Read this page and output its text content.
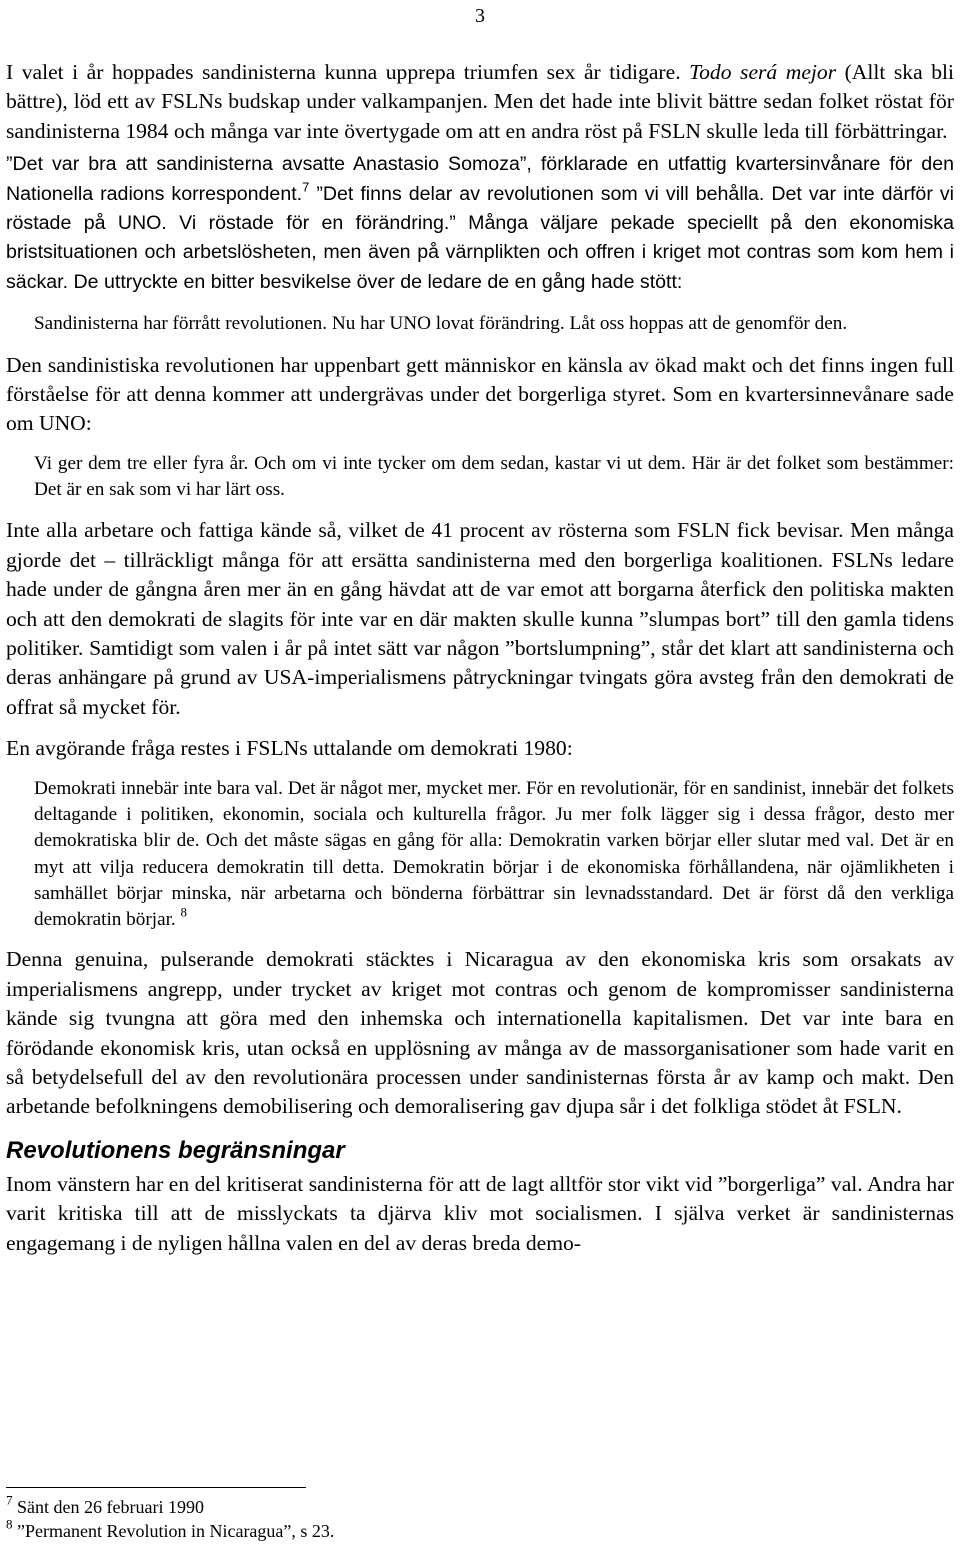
3

I valet i år hoppades sandinisterna kunna upprepa triumfen sex år tidigare. Todo será mejor (Allt ska bli bättre), löd ett av FSLNs budskap under valkampanjen. Men det hade inte blivit bättre sedan folket röstat för sandinisterna 1984 och många var inte övertygade om att en andra röst på FSLN skulle leda till förbättringar.

”Det var bra att sandinisterna avsatte Anastasio Somoza”, förklarade en utfattig kvartersinvånare för den Nationella radions korrespondent.$^7$ ”Det finns delar av revolutionen som vi vill behålla. Det var inte därför vi röstade på UNO. Vi röstade för en förändring.” Många väljare pekade speciellt på den ekonomiska bristsituationen och arbetslösheten, men även på värnplikten och offren i kriget mot contras som kom hem i säckar. De uttryckte en bitter besvikelse över de ledare de en gång hade stött:

Sandinisterna har förrått revolutionen. Nu har UNO lovat förändring. Låt oss hoppas att de genomför den.

Den sandinistiska revolutionen har uppenbart gett människor en känsla av ökad makt och det finns ingen full förståelse för att denna kommer att undergrävas under det borgerliga styret. Som en kvartersinnevånare sade om UNO:

Vi ger dem tre eller fyra år. Och om vi inte tycker om dem sedan, kastar vi ut dem. Här är det folket som bestämmer: Det är en sak som vi har lärt oss.

Inte alla arbetare och fattiga kände så, vilket de 41 procent av rösterna som FSLN fick bevisar. Men många gjorde det – tillräckligt många för att ersätta sandinisterna med den borgerliga koalitionen. FSLNs ledare hade under de gångna åren mer än en gång hävdat att de var emot att borgarna återfick den politiska makten och att den demokrati de slagits för inte var en där makten skulle kunna ”slumpas bort” till den gamla tidens politiker. Samtidigt som valen i år på intet sätt var någon ”bortslumpning”, står det klart att sandinisterna och deras anhängare på grund av USA-imperialismens påtryckningar tvingats göra avsteg från den demokrati de offrat så mycket för.

En avgörande fråga restes i FSLNs uttalande om demokrati 1980:

Demokrati innebär inte bara val. Det är något mer, mycket mer. För en revolutionär, för en sandinist, innebär det folkets deltagande i politiken, ekonomin, sociala och kulturella frågor. Ju mer folk lägger sig i dessa frågor, desto mer demokratiska blir de. Och det måste sägas en gång för alla: Demokratin varken börjar eller slutar med val. Det är en myt att vilja reducera demokratin till detta. Demokratin börjar i de ekonomiska förhållandena, när ojämlikheten i samhället börjar minska, när arbetarna och bönderna förbättrar sin levnadsstandard. Det är först då den verkliga demokratin börjar. $^8$

Denna genuina, pulserande demokrati stäcktes i Nicaragua av den ekonomiska kris som orsakats av imperialismens angrepp, under trycket av kriget mot contras och genom de kompromisser sandinisterna kände sig tvungna att göra med den inhemska och internationella kapitalismen. Det var inte bara en förödande ekonomisk kris, utan också en upplösning av många av de massorganisationer som hade varit en så betydelsefull del av den revolutionära processen under sandinisternas första år av kamp och makt. Den arbetande befolkningens demobilisering och demoralisering gav djupa sår i det folkliga stödet åt FSLN.

Revolutionens begränsningar

Inom vänstern har en del kritiserat sandinisterna för att de lagt alltför stor vikt vid ”borgerliga” val. Andra har varit kritiska till att de misslyckats ta djärva kliv mot socialismen. I själva verket är sandinisternas engagemang i de nyligen hållna valen en del av deras breda demo-

$^7$ Sänt den 26 februari 1990
$^8$ ”Permanent Revolution in Nicaragua”, s 23.
